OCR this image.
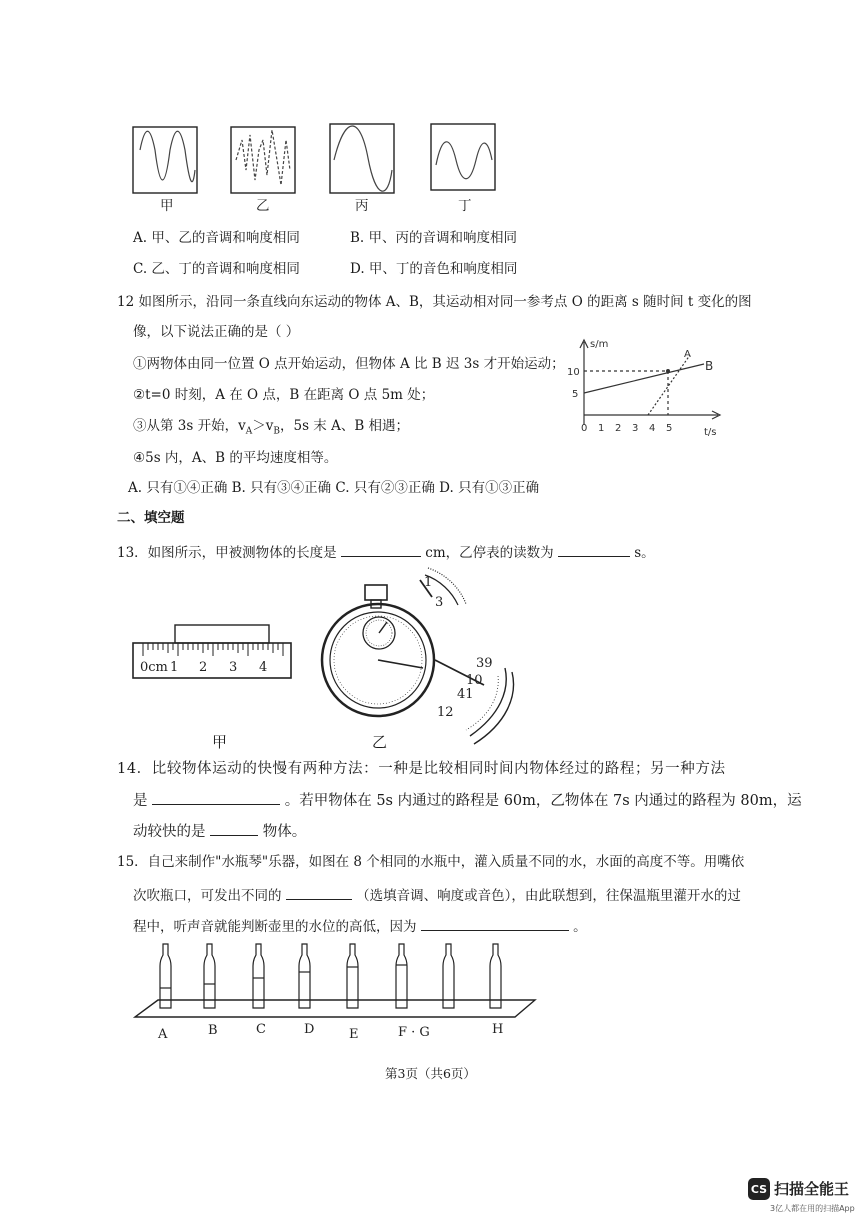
甲	乙	丙	丁
A. 甲、乙的音调和响度相同	B. 甲、丙的音调和响度相同
C. 乙、丁的音调和响度相同	D. 甲、丁的音色和响度相同
12 如图所示，沿同一条直线向东运动的物体 A、B，其运动相对同一参考点 O 的距离 s 随时间 t 变化的图
像，以下说法正确的是（ ）
①两物体由同一位置 O 点开始运动，但物体 A 比 B 迟 3s 才开始运动；
②t=0 时刻，A 在 O 点，B 在距离 O 点 5m 处；
③从第 3s 开始，$v_A>v_B$，5s 末 A、B 相遇；
④5s 内，A、B 的平均速度相等。
A. 只有①④正确 B. 只有③④正确 C. 只有②③正确 D. 只有①③正确
s/m
t/s
10
5
0 1 2 3 4 5
A
B
二、填空题
13．如图所示，甲被测物体的长度是	cm，乙停表的读数为	s。
0cm 1 2 3 4
1
3
39
10
41
12
甲	乙
14．比较物体运动的快慢有两种方法：一种是比较相同时间内物体经过的路程；另一种方法
是	。若甲物体在 5s 内通过的路程是 60m，乙物体在 7s 内通过的路程为 80m，运
动较快的是	物体。
15．自己来制作"水瓶琴"乐器，如图在 8 个相同的水瓶中，灌入质量不同的水，水面的高度不等。用嘴依
次吹瓶口，可发出不同的	（选填音调、响度或音色），由此联想到，往保温瓶里灌开水的过
程中，听声音就能判断壶里的水位的高低，因为	。
A	B	C	D	E	F · G	H
第3页（共6页）
CS 扫描全能王
3亿人都在用的扫描App
